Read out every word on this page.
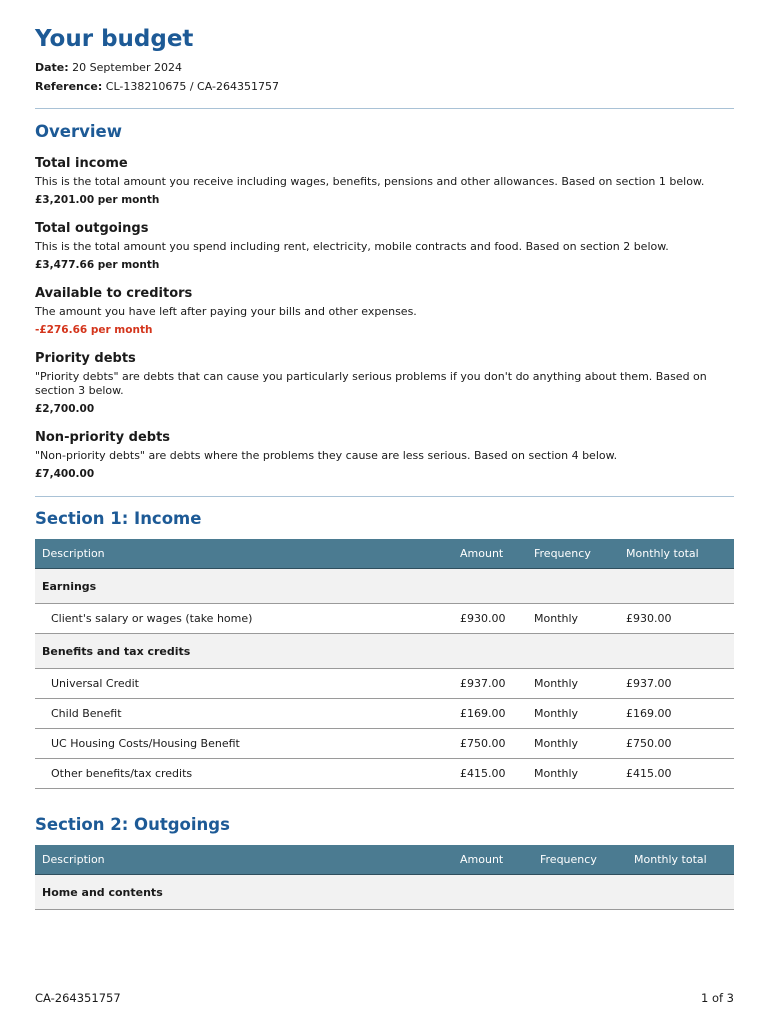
Your budget

Date: 20 September 2024

Reference: CL-138210675 / CA-264351757

Overview
Total income

This is the total amount you receive including wages, benefits, pensions and other allowances. Based on section 1 below.

£3,201.00 per month

Total outgoings

This is the total amount you spend including rent, electricity, mobile contracts and food. Based on section 2 below.

£3,477.66 per month

Available to creditors

The amount you have left after paying your bills and other expenses.

-£276.66 per month

Priority debts

"Priority debts" are debts that can cause you particularly serious problems if you don't do anything about them. Based on section 3 below.

£2,700.00

Non-priority debts

"Non-priority debts" are debts where the problems they cause are less serious. Based on section 4 below.

£7,400.00

Section 1: Income
Description	Amount	Frequency	Monthly total
Earnings			
Client's salary or wages (take home)	£930.00	Monthly	£930.00
Benefits and tax credits			
Universal Credit	£937.00	Monthly	£937.00
Child Benefit	£169.00	Monthly	£169.00
UC Housing Costs/Housing Benefit	£750.00	Monthly	£750.00
Other benefits/tax credits	£415.00	Monthly	£415.00
Section 2: Outgoings
Description	Amount	Frequency	Monthly total
Home and contents
CA-264351757	1 of 3
